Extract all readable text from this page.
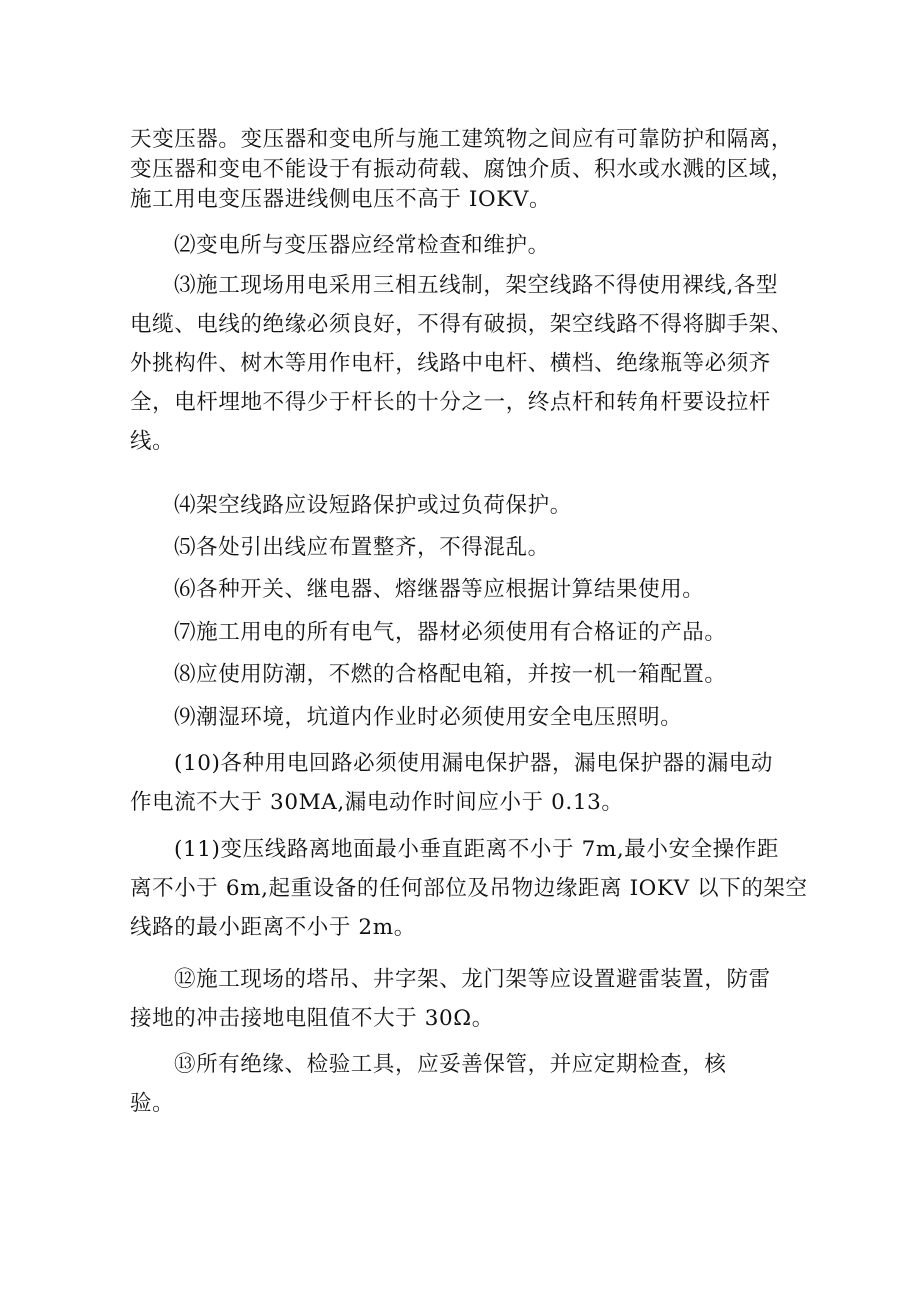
天变压器。变压器和变电所与施工建筑物之间应有可靠防护和隔离，
变压器和变电不能设于有振动荷载、腐蚀介质、积水或水溅的区域，
施工用电变压器进线侧电压不高于 IOKV。

⑵变电所与变压器应经常检查和维护。

⑶施工现场用电采用三相五线制，架空线路不得使用裸线,各型
电缆、电线的绝缘必须良好，不得有破损，架空线路不得将脚手架、
外挑构件、树木等用作电杆，线路中电杆、横档、绝缘瓶等必须齐
全，电杆埋地不得少于杆长的十分之一，终点杆和转角杆要设拉杆
线。

⑷架空线路应设短路保护或过负荷保护。

⑸各处引出线应布置整齐，不得混乱。

⑹各种开关、继电器、熔继器等应根据计算结果使用。

⑺施工用电的所有电气，器材必须使用有合格证的产品。

⑻应使用防潮，不燃的合格配电箱，并按一机一箱配置。

⑼潮湿环境，坑道内作业时必须使用安全电压照明。

(10)各种用电回路必须使用漏电保护器，漏电保护器的漏电动
作电流不大于 30MA,漏电动作时间应小于 0.13。

(11)变压线路离地面最小垂直距离不小于 7m,最小安全操作距
离不小于 6m,起重设备的任何部位及吊物边缘距离 IOKV 以下的架空
线路的最小距离不小于 2m。

⑫施工现场的塔吊、井字架、龙门架等应设置避雷装置，防雷
接地的冲击接地电阻值不大于 30Ω。

⑬所有绝缘、检验工具，应妥善保管，并应定期检查，核
验。
